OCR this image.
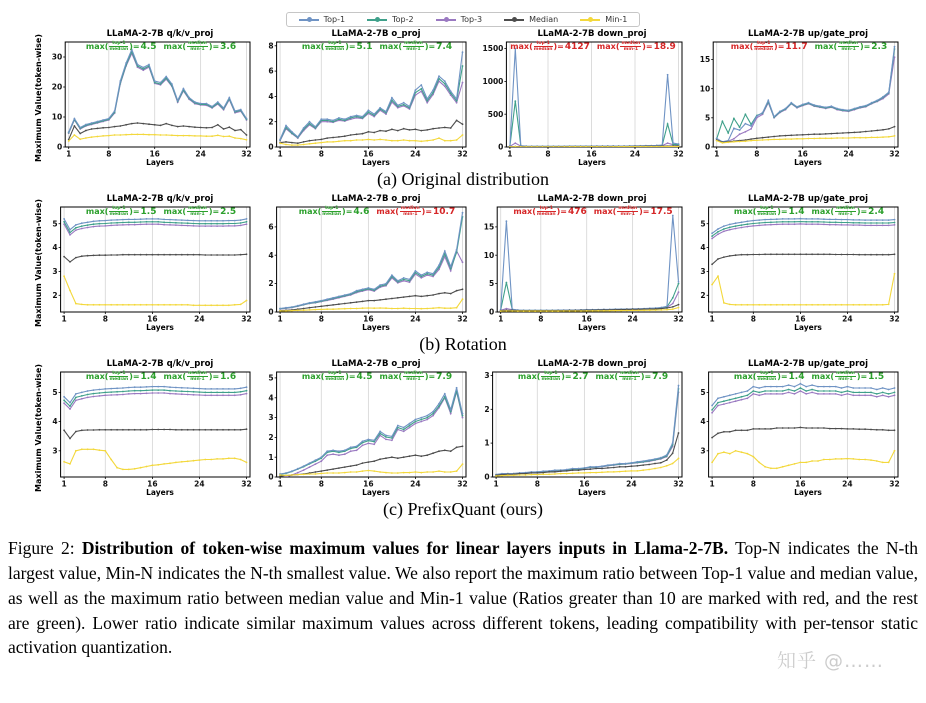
Top-1	Top-2	Top-3	Median	Min-1
Maximum Value(token-wise)
LLaMA-2-7B q/k/v_proj
$\max( \frac{\text{top-1}}{\text{median}}$ )= 4.5 $\max( \frac{\text{median}}{\min-1}$ )= 3.6
1	8	16	24	32
0
10
20
30
Layers
LLaMA-2-7B o_proj
$\max( \frac{\text{top-1}}{\text{median}}$ )= 5.1 $\max( \frac{\text{median}}{\min-1}$ )= 7.4
1	8	16	24	32
0
2
4
6
8
Layers
LLaMA-2-7B down_proj
$\max( \frac{\text{top-1}}{\text{median}}$ )= 4127 $\max( \frac{\text{median}}{\min-1}$ )= 18.9
1	8	16	24	32
0
500
1000
1500
Layers
LLaMA-2-7B up/gate_proj
$\max( \frac{\text{top-1}}{\text{median}}$ )= 11.7 $\max( \frac{\text{median}}{\min-1}$ )= 2.3
1	8	16	24	32
0
5
10
15
Layers
(a) Original distribution
Maximum Value(token-wise)
LLaMA-2-7B q/k/v_proj
$\max( \frac{\text{top-1}}{\text{median}}$ )= 1.5 $\max( \frac{\text{median}}{\min-1}$ )= 2.5
1	8	16	24	32
2
3
4
5
Layers
LLaMA-2-7B o_proj
$\max( \frac{\text{top-1}}{\text{median}}$ )= 4.6 $\max( \frac{\text{median}}{\min-1}$ )= 10.7
1	8	16	24	32
0
2
4
6
Layers
LLaMA-2-7B down_proj
$\max( \frac{\text{top-1}}{\text{median}}$ )= 476 $\max( \frac{\text{median}}{\min-1}$ )= 17.5
1	8	16	24	32
0
5
10
15
Layers
LLaMA-2-7B up/gate_proj
$\max( \frac{\text{top-1}}{\text{median}}$ )= 1.4 $\max( \frac{\text{median}}{\min-1}$ )= 2.4
1	8	16	24	32
2
3
4
5
Layers
(b) Rotation
Maximum Value(token-wise)
LLaMA-2-7B q/k/v_proj
$\max( \frac{\text{top-1}}{\text{median}}$ )= 1.4 $\max( \frac{\text{median}}{\min-1}$ )= 1.6
1	8	16	24	32
3
4
5
Layers
LLaMA-2-7B o_proj
$\max( \frac{\text{top-1}}{\text{median}}$ )= 4.5 $\max( \frac{\text{median}}{\min-1}$ )= 7.9
1	8	16	24	32
0
1
2
3
4
5
Layers
LLaMA-2-7B down_proj
$\max( \frac{\text{top-1}}{\text{median}}$ )= 2.7 $\max( \frac{\text{median}}{\min-1}$ )= 7.9
1	8	16	24	32
0
1
2
3
Layers
LLaMA-2-7B up/gate_proj
$\max( \frac{\text{top-1}}{\text{median}}$ )= 1.4 $\max( \frac{\text{median}}{\min-1}$ )= 1.5
1	8	16	24	32
3
4
5
Layers
(c) PrefixQuant (ours)
Figure 2: Distribution of token-wise maximum values for linear layers inputs in Llama-2-7B. Top-N indicates the N-th largest value, Min-N indicates the N-th smallest value. We also report the maximum ratio between Top-1 value and median value, as well as the maximum ratio between median value and Min-1 value (Ratios greater than 10 are marked with red, and the rest are green). Lower ratio indicate similar maximum values across different tokens, leading compatibility with per-tensor static activation quantization.
知乎 @……
